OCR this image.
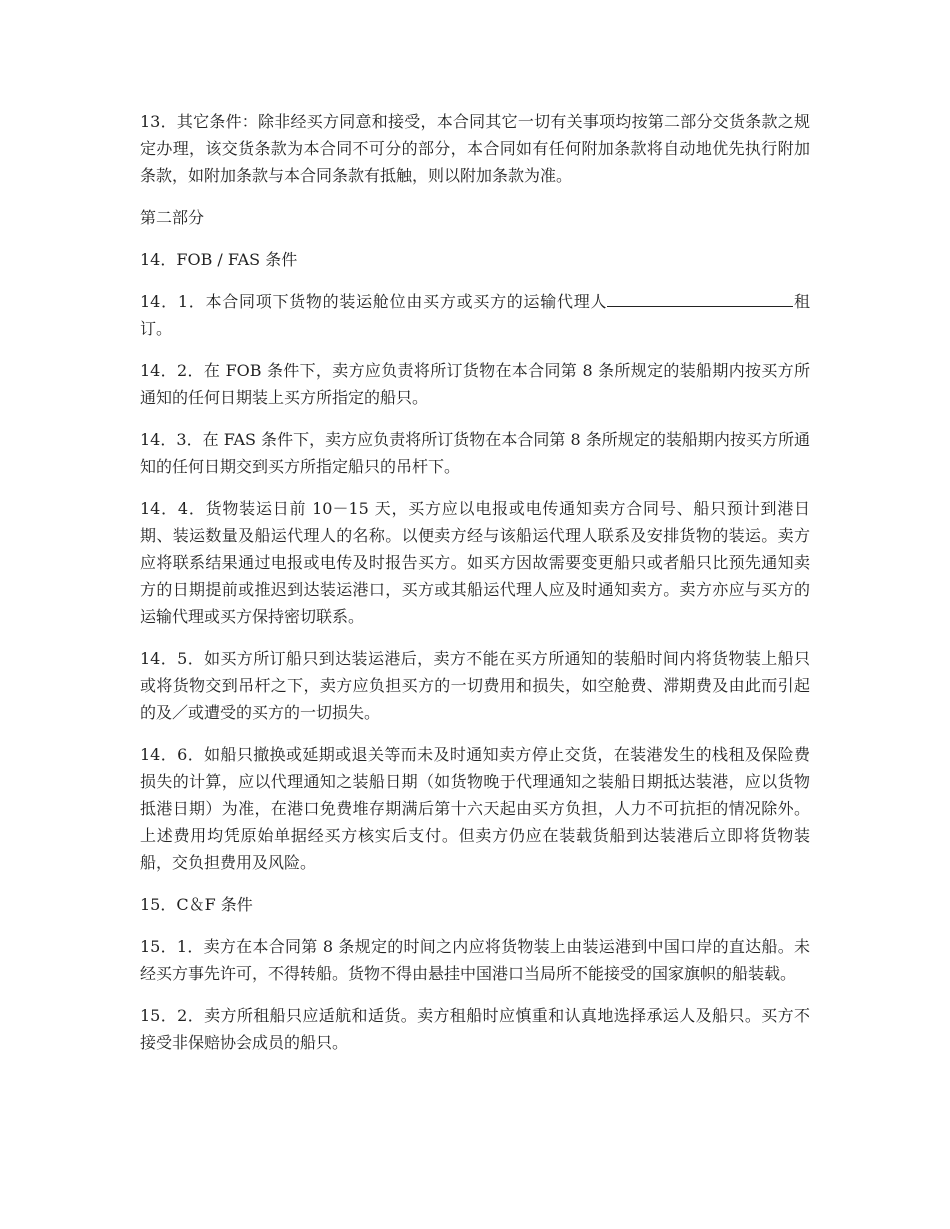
13．其它条件：除非经买方同意和接受，本合同其它一切有关事项均按第二部分交货条款之规定办理，该交货条款为本合同不可分的部分，本合同如有任何附加条款将自动地优先执行附加条款，如附加条款与本合同条款有抵触，则以附加条款为准。

第二部分

14．FOB / FAS 条件

14．1．本合同项下货物的装运舱位由买方或买方的运输代理人	租订。

14．2．在 FOB 条件下，卖方应负责将所订货物在本合同第 8 条所规定的装船期内按买方所通知的任何日期装上买方所指定的船只。

14．3．在 FAS 条件下，卖方应负责将所订货物在本合同第 8 条所规定的装船期内按买方所通知的任何日期交到买方所指定船只的吊杆下。

14．4．货物装运日前 10－15 天，买方应以电报或电传通知卖方合同号、船只预计到港日期、装运数量及船运代理人的名称。以便卖方经与该船运代理人联系及安排货物的装运。卖方应将联系结果通过电报或电传及时报告买方。如买方因故需要变更船只或者船只比预先通知卖方的日期提前或推迟到达装运港口，买方或其船运代理人应及时通知卖方。卖方亦应与买方的运输代理或买方保持密切联系。

14．5．如买方所订船只到达装运港后，卖方不能在买方所通知的装船时间内将货物装上船只或将货物交到吊杆之下，卖方应负担买方的一切费用和损失，如空舱费、滞期费及由此而引起的及／或遭受的买方的一切损失。

14．6．如船只撤换或延期或退关等而未及时通知卖方停止交货，在装港发生的栈租及保险费损失的计算，应以代理通知之装船日期（如货物晚于代理通知之装船日期抵达装港，应以货物抵港日期）为准，在港口免费堆存期满后第十六天起由买方负担，人力不可抗拒的情况除外。上述费用均凭原始单据经买方核实后支付。但卖方仍应在装载货船到达装港后立即将货物装船，交负担费用及风险。

15．C＆F 条件

15．1．卖方在本合同第 8 条规定的时间之内应将货物装上由装运港到中国口岸的直达船。未经买方事先许可，不得转船。货物不得由悬挂中国港口当局所不能接受的国家旗帜的船装载。

15．2．卖方所租船只应适航和适货。卖方租船时应慎重和认真地选择承运人及船只。买方不接受非保赔协会成员的船只。
